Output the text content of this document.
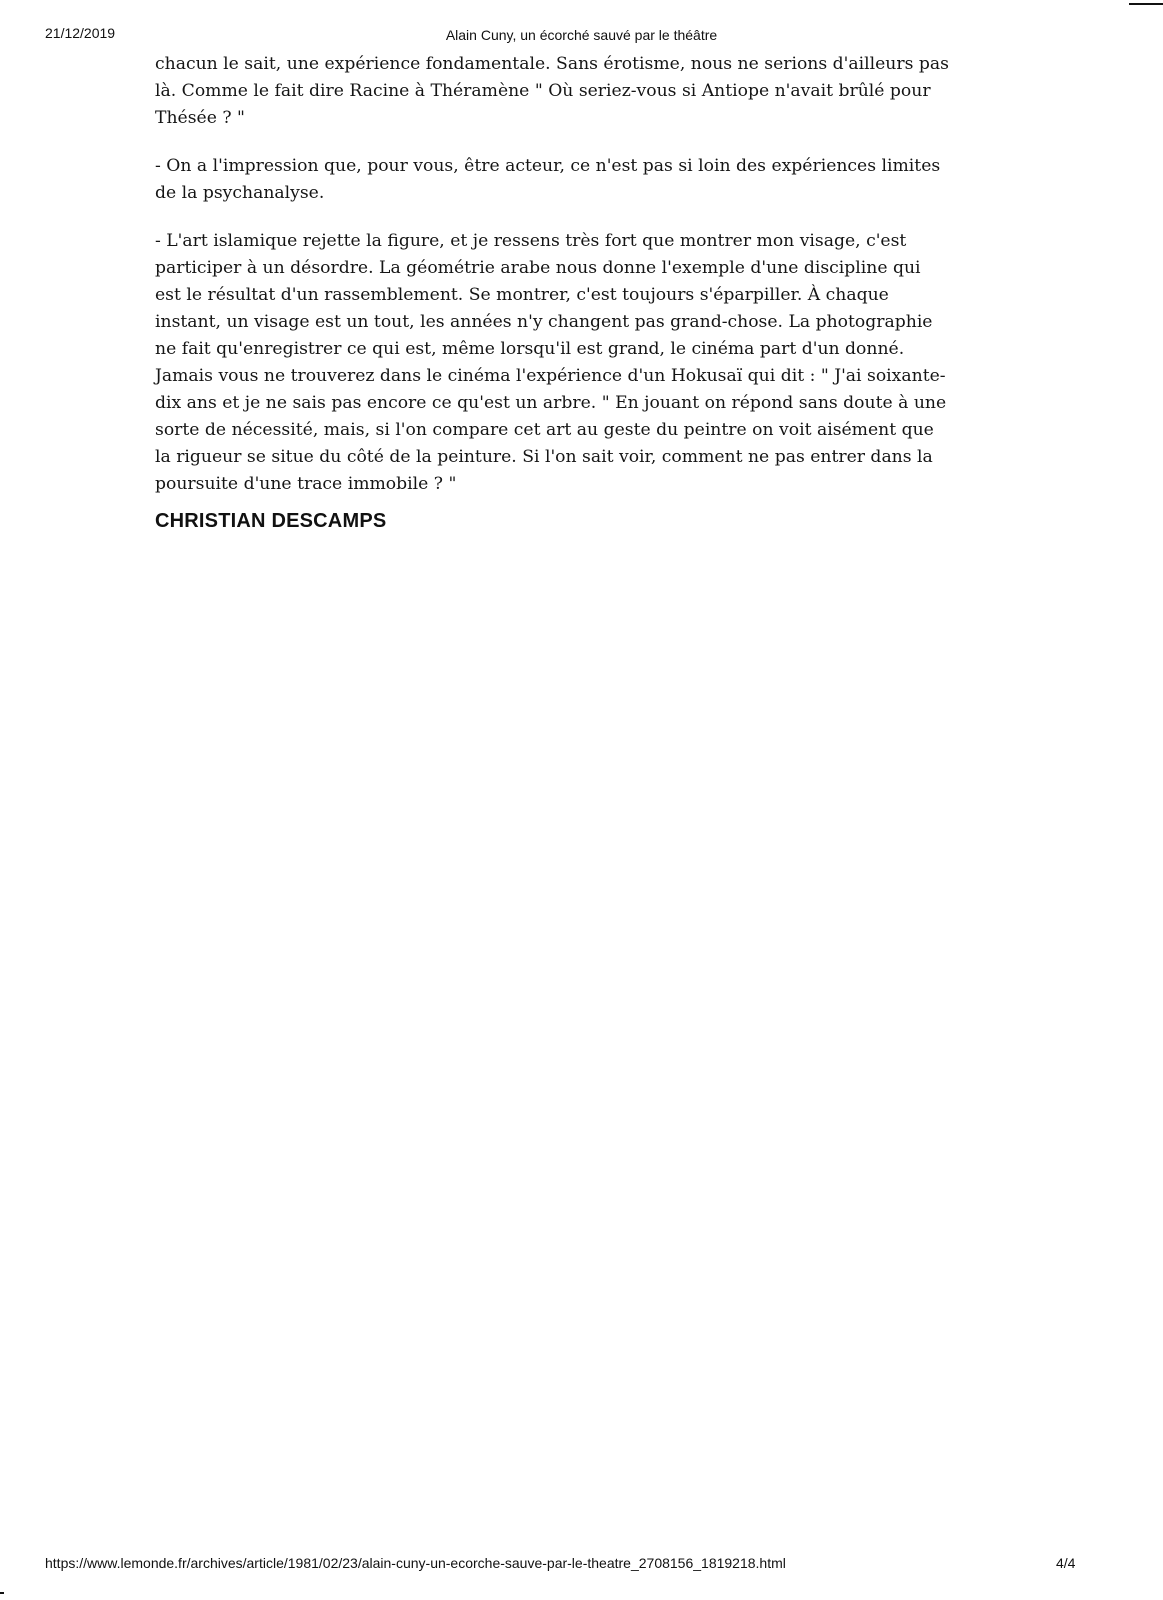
21/12/2019	Alain Cuny, un écorché sauvé par le théâtre

chacun le sait, une expérience fondamentale. Sans érotisme, nous ne serions d'ailleurs pas là. Comme le fait dire Racine à Théramène " Où seriez-vous si Antiope n'avait brûlé pour Thésée ? "

- On a l'impression que, pour vous, être acteur, ce n'est pas si loin des expériences limites de la psychanalyse.

- L'art islamique rejette la figure, et je ressens très fort que montrer mon visage, c'est participer à un désordre. La géométrie arabe nous donne l'exemple d'une discipline qui est le résultat d'un rassemblement. Se montrer, c'est toujours s'éparpiller. À chaque instant, un visage est un tout, les années n'y changent pas grand-chose. La photographie ne fait qu'enregistrer ce qui est, même lorsqu'il est grand, le cinéma part d'un donné. Jamais vous ne trouverez dans le cinéma l'expérience d'un Hokusaï qui dit : " J'ai soixante-dix ans et je ne sais pas encore ce qu'est un arbre. " En jouant on répond sans doute à une sorte de nécessité, mais, si l'on compare cet art au geste du peintre on voit aisément que la rigueur se situe du côté de la peinture. Si l'on sait voir, comment ne pas entrer dans la poursuite d'une trace immobile ? "

CHRISTIAN DESCAMPS
https://www.lemonde.fr/archives/article/1981/02/23/alain-cuny-un-ecorche-sauve-par-le-theatre_2708156_1819218.html	4/4
